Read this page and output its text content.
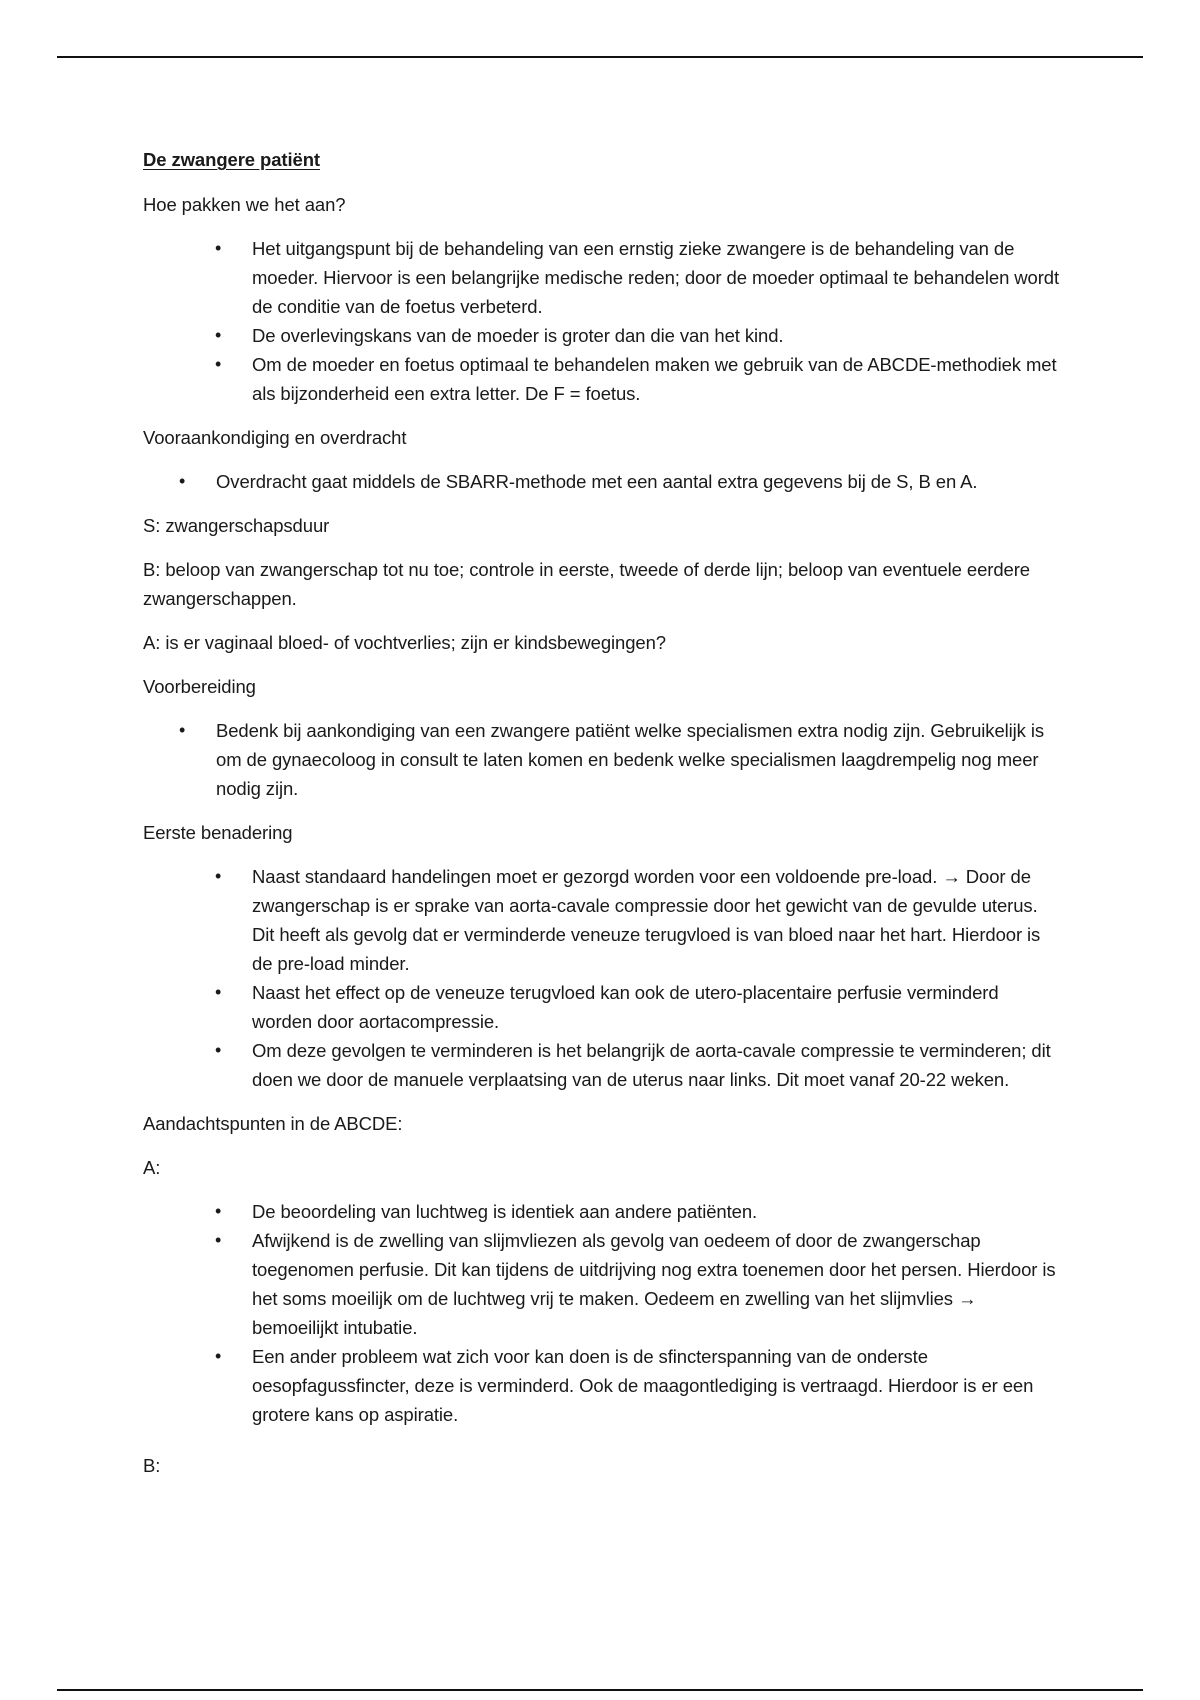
De zwangere patiënt

Hoe pakken we het aan?

• Het uitgangspunt bij de behandeling van een ernstig zieke zwangere is de behandeling van de moeder. Hiervoor is een belangrijke medische reden; door de moeder optimaal te behandelen wordt de conditie van de foetus verbeterd.
• De overlevingskans van de moeder is groter dan die van het kind.
• Om de moeder en foetus optimaal te behandelen maken we gebruik van de ABCDE-methodiek met als bijzonderheid een extra letter. De F = foetus.

Vooraankondiging en overdracht

• Overdracht gaat middels de SBARR-methode met een aantal extra gegevens bij de S, B en A.

S: zwangerschapsduur

B: beloop van zwangerschap tot nu toe; controle in eerste, tweede of derde lijn; beloop van eventuele eerdere zwangerschappen.

A: is er vaginaal bloed- of vochtverlies; zijn er kindsbewegingen?

Voorbereiding

• Bedenk bij aankondiging van een zwangere patiënt welke specialismen extra nodig zijn. Gebruikelijk is om de gynaecoloog in consult te laten komen en bedenk welke specialismen laagdrempelig nog meer nodig zijn.

Eerste benadering

• Naast standaard handelingen moet er gezorgd worden voor een voldoende pre-load. → Door de zwangerschap is er sprake van aorta-cavale compressie door het gewicht van de gevulde uterus. Dit heeft als gevolg dat er verminderde veneuze terugvloed is van bloed naar het hart. Hierdoor is de pre-load minder.
• Naast het effect op de veneuze terugvloed kan ook de utero-placentaire perfusie verminderd worden door aortacompressie.
• Om deze gevolgen te verminderen is het belangrijk de aorta-cavale compressie te verminderen; dit doen we door de manuele verplaatsing van de uterus naar links. Dit moet vanaf 20-22 weken.

Aandachtspunten in de ABCDE:

A:

• De beoordeling van luchtweg is identiek aan andere patiënten.
• Afwijkend is de zwelling van slijmvliezen als gevolg van oedeem of door de zwangerschap toegenomen perfusie. Dit kan tijdens de uitdrijving nog extra toenemen door het persen. Hierdoor is het soms moeilijk om de luchtweg vrij te maken. Oedeem en zwelling van het slijmvlies → bemoeilijkt intubatie.
• Een ander probleem wat zich voor kan doen is de sfincterspanning van de onderste oesopfagussfincter, deze is verminderd. Ook de maagontlediging is vertraagd. Hierdoor is er een grotere kans op aspiratie.

B:
